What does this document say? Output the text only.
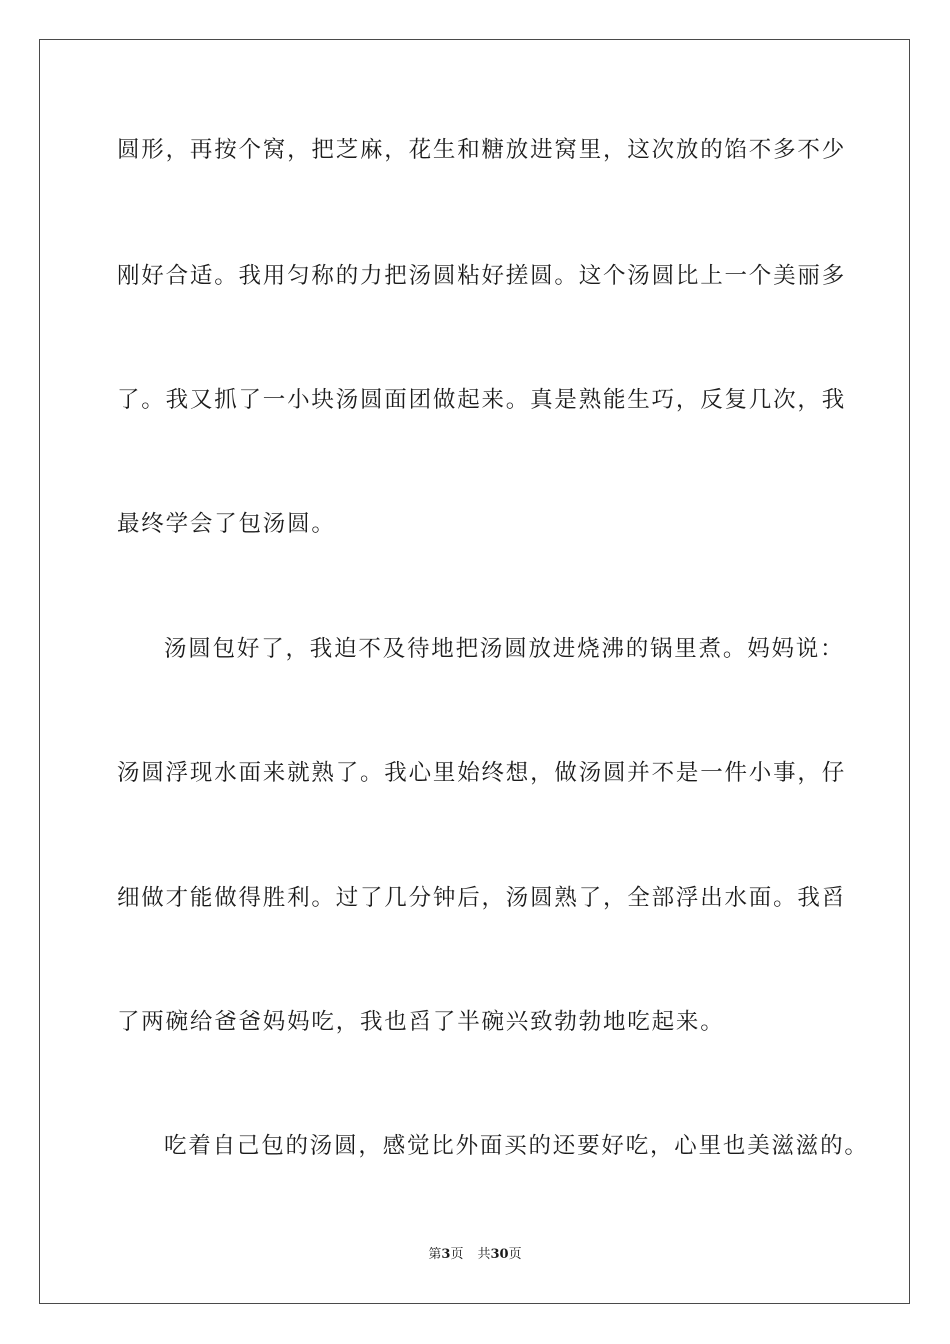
圆形，再按个窝，把芝麻，花生和糖放进窝里，这次放的馅不多不少
刚好合适。我用匀称的力把汤圆粘好搓圆。这个汤圆比上一个美丽多
了。我又抓了一小块汤圆面团做起来。真是熟能生巧，反复几次，我
最终学会了包汤圆。
汤圆包好了，我迫不及待地把汤圆放进烧沸的锅里煮。妈妈说：
汤圆浮现水面来就熟了。我心里始终想，做汤圆并不是一件小事，仔
细做才能做得胜利。过了几分钟后，汤圆熟了，全部浮出水面。我舀
了两碗给爸爸妈妈吃，我也舀了半碗兴致勃勃地吃起来。
吃着自己包的汤圆，感觉比外面买的还要好吃，心里也美滋滋的。
第3页 共30页
